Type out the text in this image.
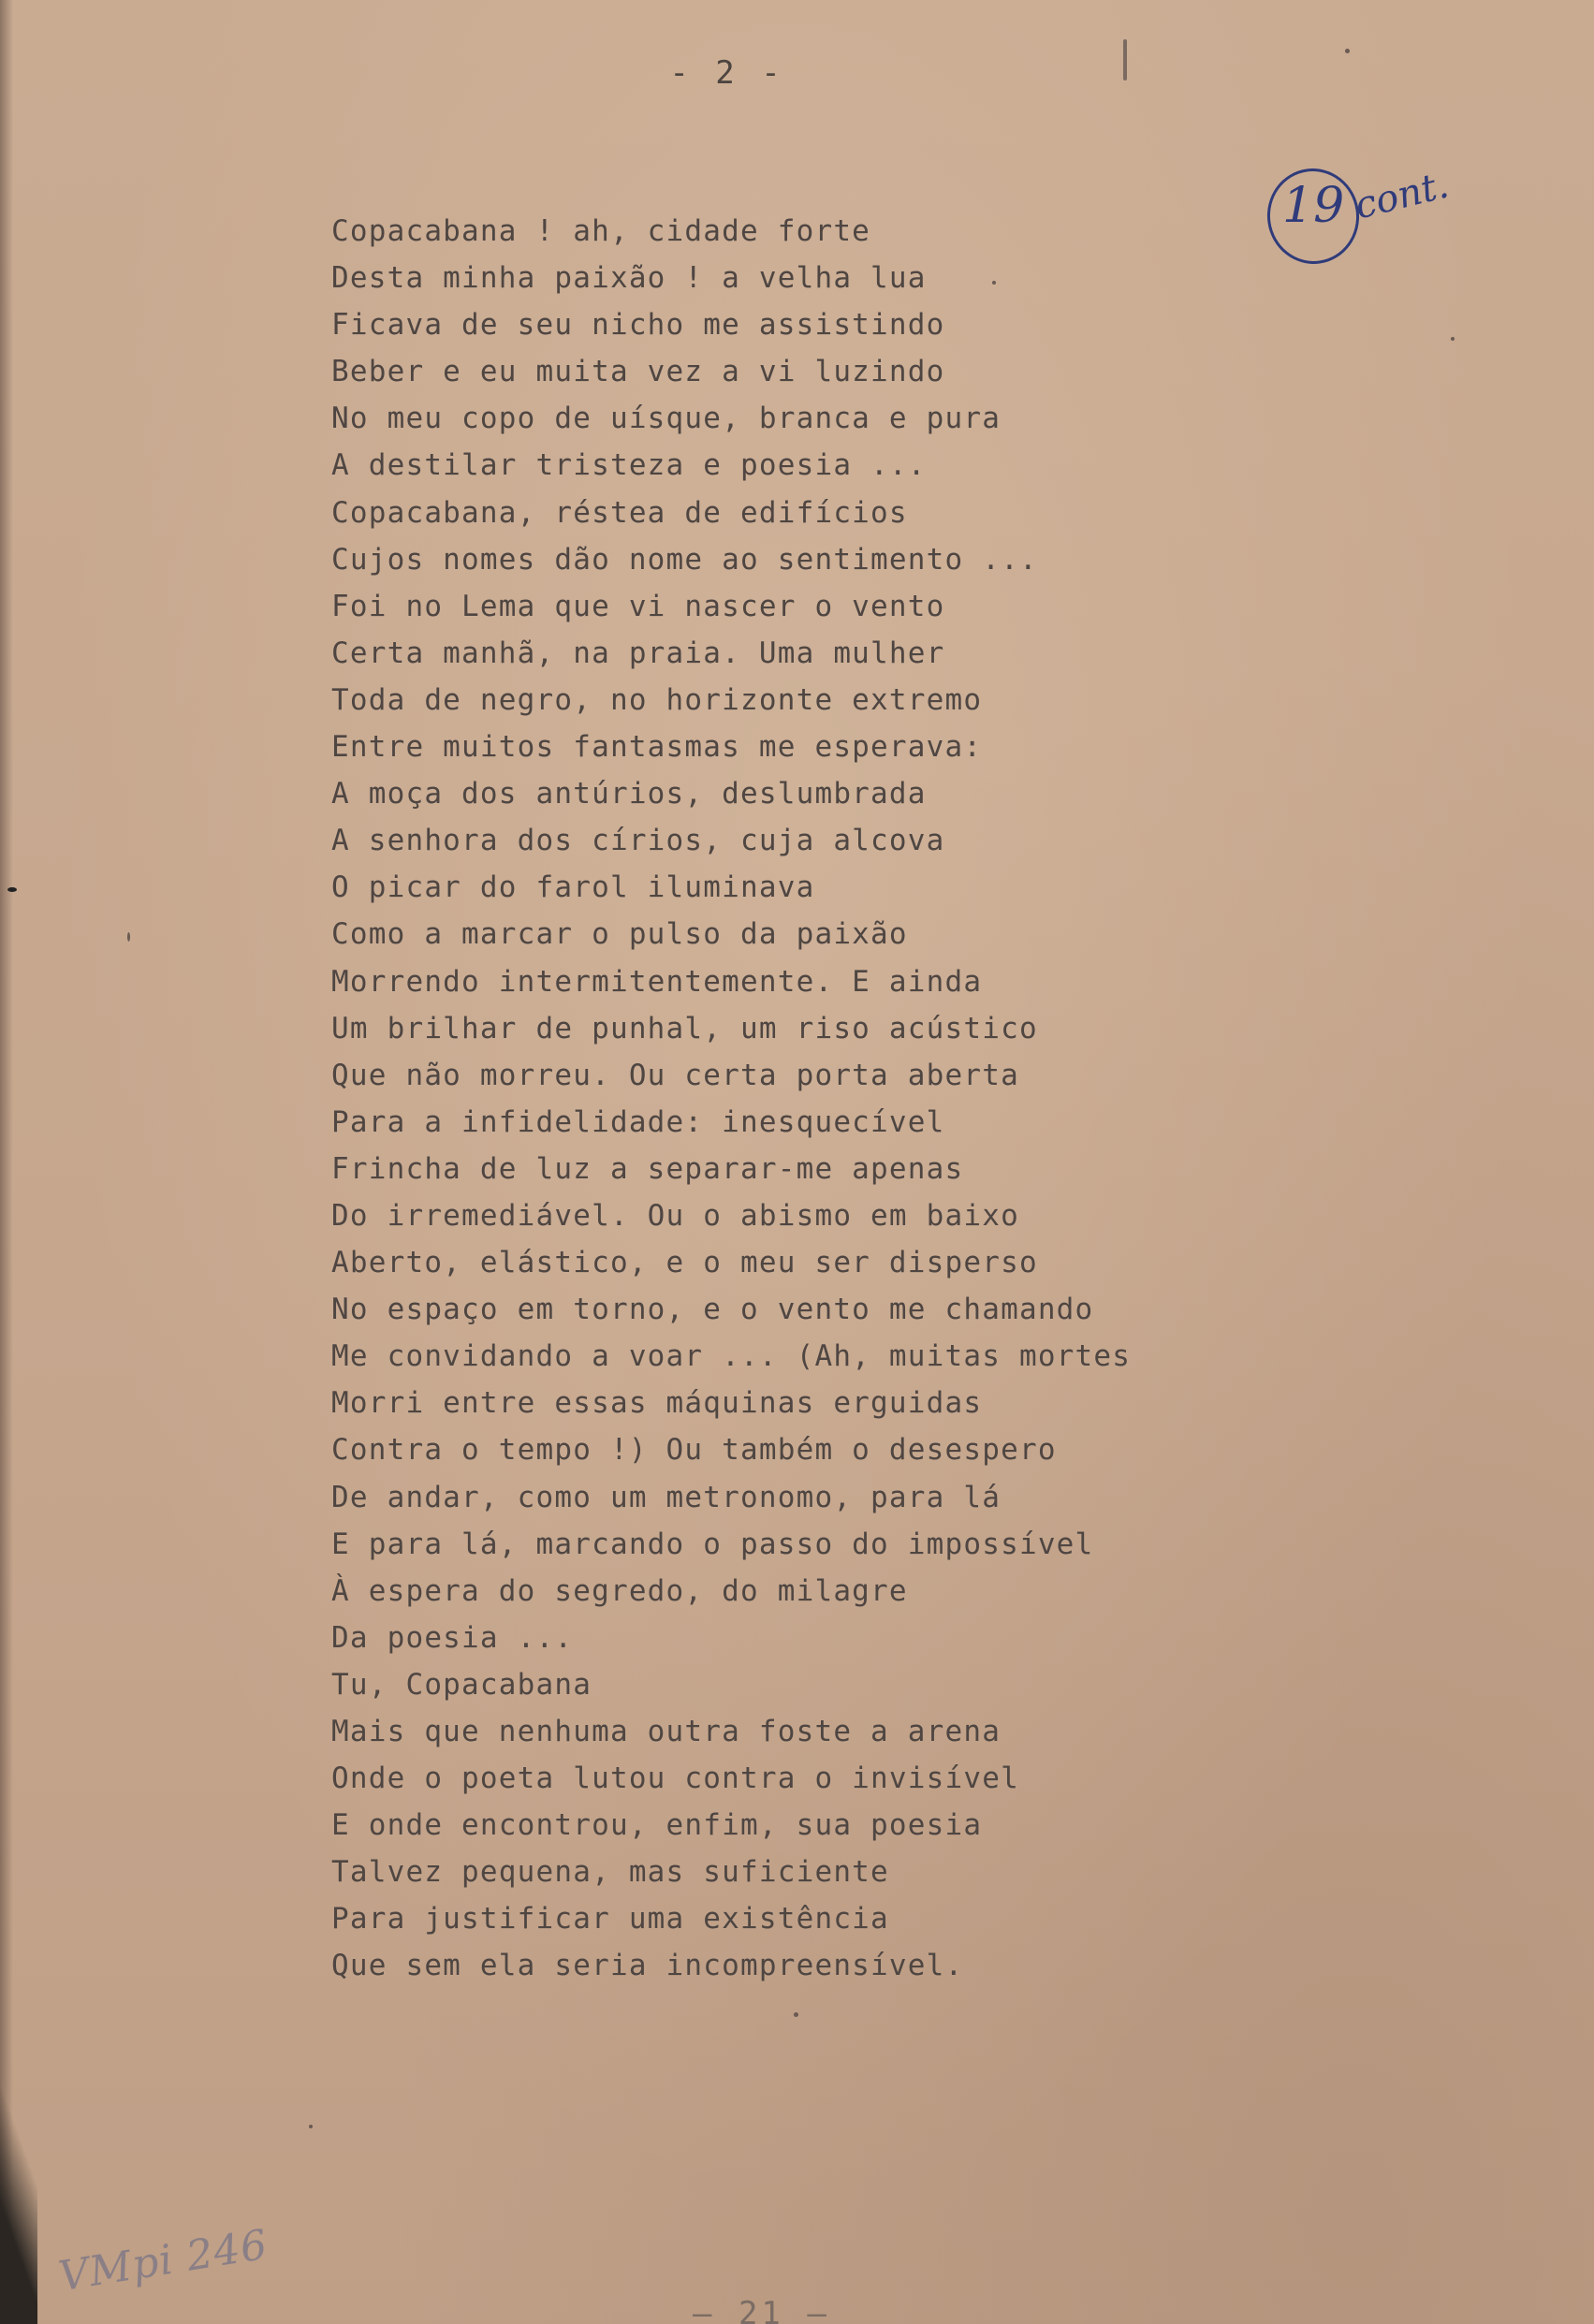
- 2 -
19 cont.
Copacabana ! ah, cidade forte
Desta minha paixão ! a velha lua
Ficava de seu nicho me assistindo
Beber e eu muita vez a vi luzindo
No meu copo de uísque, branca e pura
A destilar tristeza e poesia ...
Copacabana, réstea de edifícios
Cujos nomes dão nome ao sentimento ...
Foi no Lema que vi nascer o vento
Certa manhã, na praia. Uma mulher
Toda de negro, no horizonte extremo
Entre muitos fantasmas me esperava:
A moça dos antúrios, deslumbrada
A senhora dos círios, cuja alcova
O picar do farol iluminava
Como a marcar o pulso da paixão
Morrendo intermitentemente. E ainda
Um brilhar de punhal, um riso acústico
Que não morreu. Ou certa porta aberta
Para a infidelidade: inesquecível
Frincha de luz a separar-me apenas
Do irremediável. Ou o abismo em baixo
Aberto, elástico, e o meu ser disperso
No espaço em torno, e o vento me chamando
Me convidando a voar ... (Ah, muitas mortes
Morri entre essas máquinas erguidas
Contra o tempo !) Ou também o desespero
De andar, como um metronomo, para lá
E para lá, marcando o passo do impossível
À espera do segredo, do milagre
Da poesia ...
Tu, Copacabana
Mais que nenhuma outra foste a arena
Onde o poeta lutou contra o invisível
E onde encontrou, enfim, sua poesia
Talvez pequena, mas suficiente
Para justificar uma existência
Que sem ela seria incompreensível.
VMpi 246
— 21 —
